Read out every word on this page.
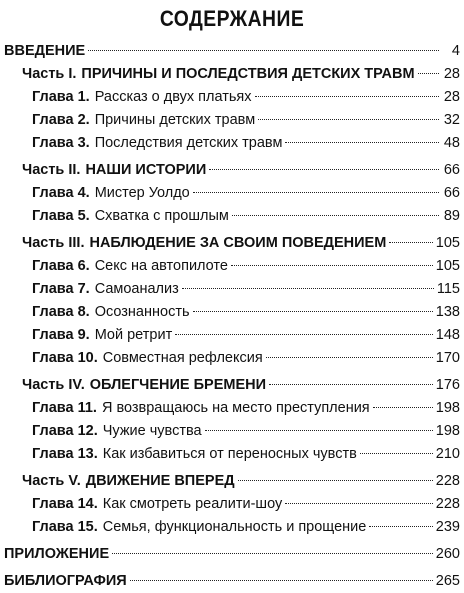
СОДЕРЖАНИЕ
ВВЕДЕНИЕ	4
Часть I. ПРИЧИНЫ И ПОСЛЕДСТВИЯ ДЕТСКИХ ТРАВМ 28
Глава 1. Рассказ о двух платьях	28
Глава 2. Причины детских травм	32
Глава 3. Последствия детских травм	48
Часть II. НАШИ ИСТОРИИ	66
Глава 4. Мистер Уолдо	66
Глава 5. Схватка с прошлым	89
Часть III. НАБЛЮДЕНИЕ ЗА СВОИМ ПОВЕДЕНИЕМ	105
Глава 6. Секс на автопилоте	105
Глава 7. Самоанализ	115
Глава 8. Осознанность	138
Глава 9. Мой ретрит	148
Глава 10. Совместная рефлексия	170
Часть IV. ОБЛЕГЧЕНИЕ БРЕМЕНИ	176
Глава 11. Я возвращаюсь на место преступления	198
Глава 12. Чужие чувства	198
Глава 13. Как избавиться от переносных чувств	210
Часть V. ДВИЖЕНИЕ ВПЕРЕД	228
Глава 14. Как смотреть реалити-шоу	228
Глава 15. Семья, функциональность и прощение	239
ПРИЛОЖЕНИЕ	260
БИБЛИОГРАФИЯ	265
